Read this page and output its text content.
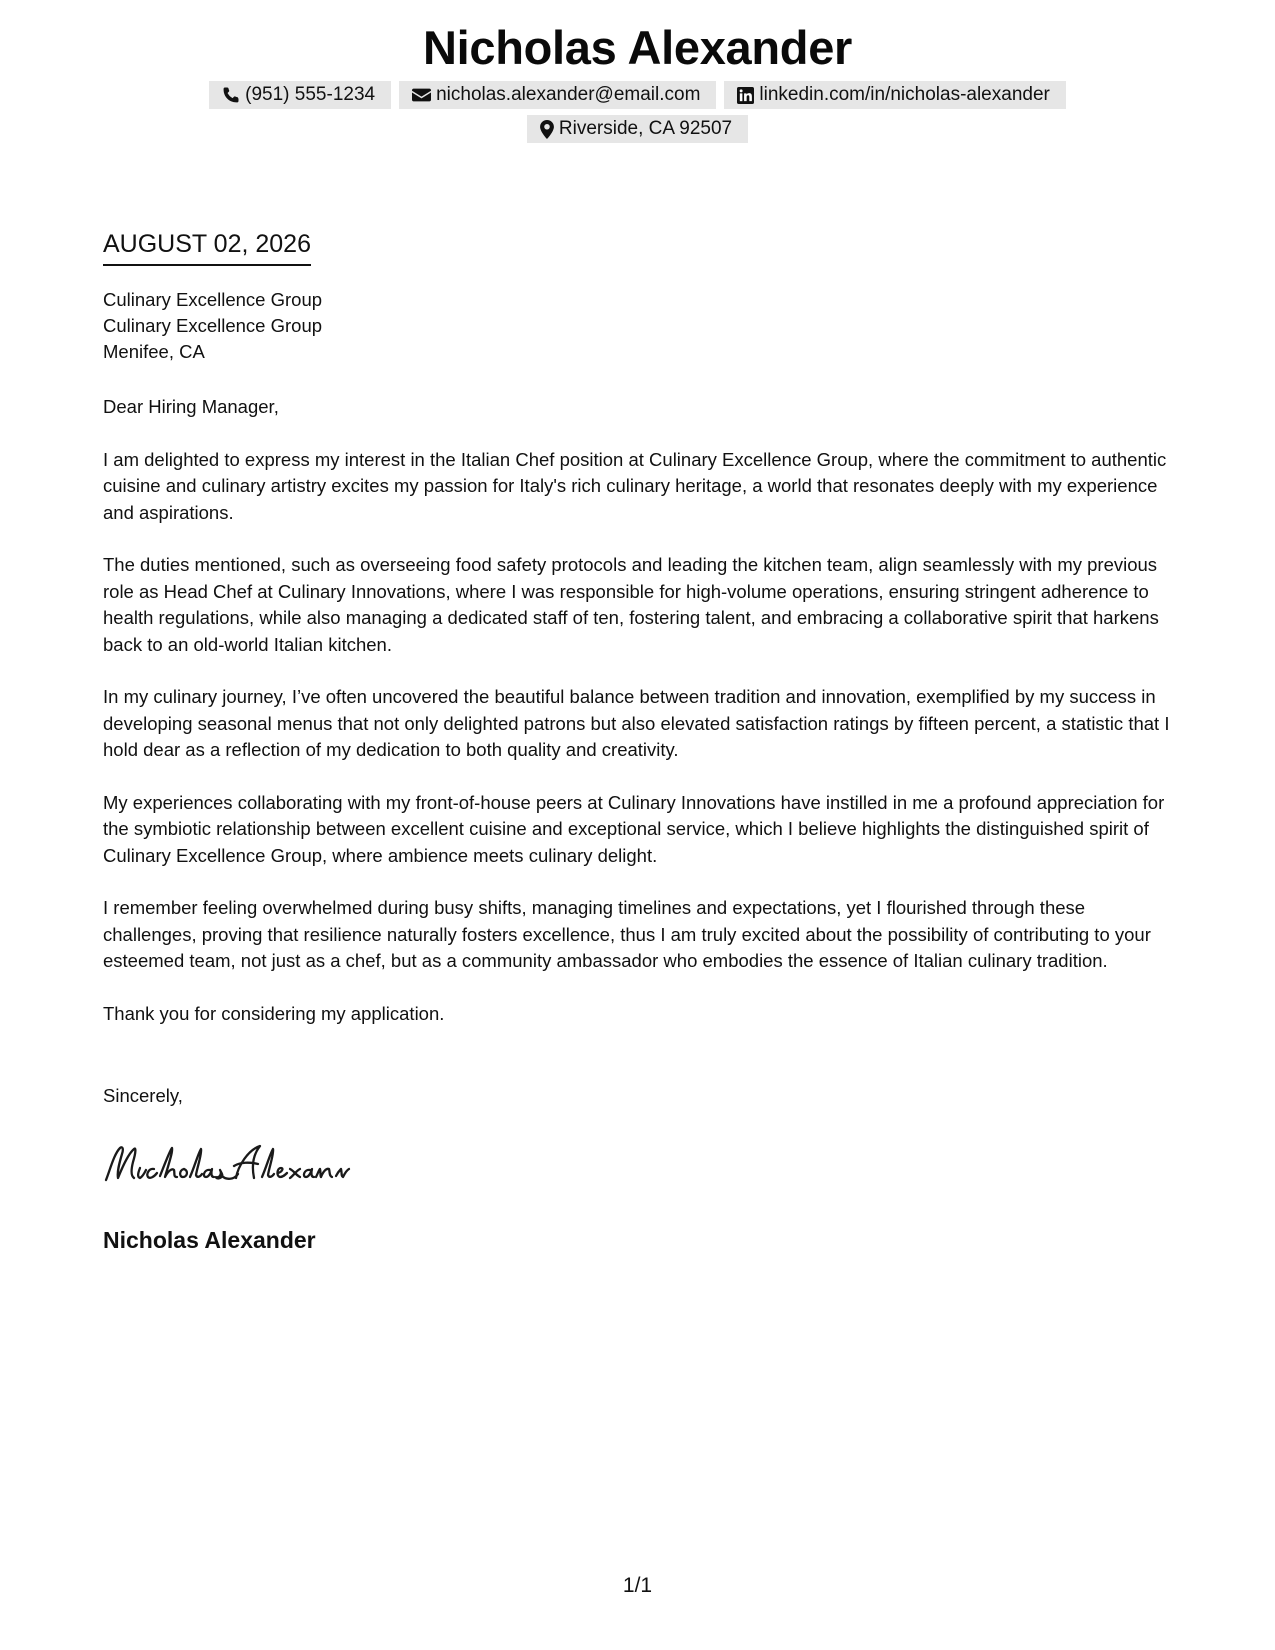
Nicholas Alexander
(951) 555-1234	nicholas.alexander@email.com	linkedin.com/in/nicholas-alexander
Riverside, CA 92507
AUGUST 02, 2026
Culinary Excellence Group
Culinary Excellence Group
Menifee, CA

Dear Hiring Manager,

I am delighted to express my interest in the Italian Chef position at Culinary Excellence Group, where the commitment to authentic cuisine and culinary artistry excites my passion for Italy's rich culinary heritage, a world that resonates deeply with my experience and aspirations.

The duties mentioned, such as overseeing food safety protocols and leading the kitchen team, align seamlessly with my previous role as Head Chef at Culinary Innovations, where I was responsible for high-volume operations, ensuring stringent adherence to health regulations, while also managing a dedicated staff of ten, fostering talent, and embracing a collaborative spirit that harkens back to an old-world Italian kitchen.

In my culinary journey, I’ve often uncovered the beautiful balance between tradition and innovation, exemplified by my success in developing seasonal menus that not only delighted patrons but also elevated satisfaction ratings by fifteen percent, a statistic that I hold dear as a reflection of my dedication to both quality and creativity.

My experiences collaborating with my front-of-house peers at Culinary Innovations have instilled in me a profound appreciation for the symbiotic relationship between excellent cuisine and exceptional service, which I believe highlights the distinguished spirit of Culinary Excellence Group, where ambience meets culinary delight.

I remember feeling overwhelmed during busy shifts, managing timelines and expectations, yet I flourished through these challenges, proving that resilience naturally fosters excellence, thus I am truly excited about the possibility of contributing to your esteemed team, not just as a chef, but as a community ambassador who embodies the essence of Italian culinary tradition.

Thank you for considering my application.

Sincerely,
Nicholas Alexander
1/1
